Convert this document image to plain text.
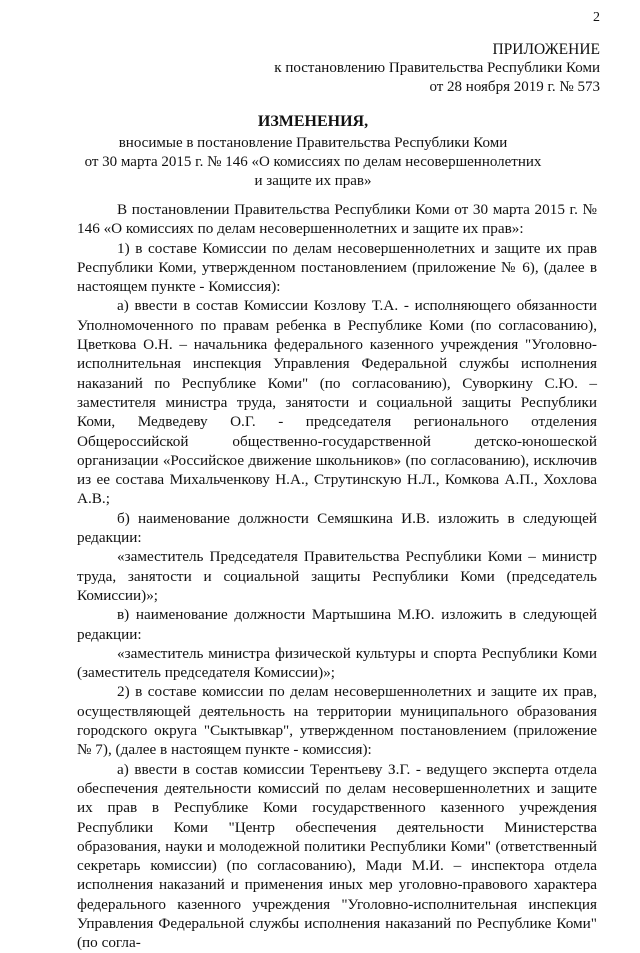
2
ПРИЛОЖЕНИЕ
к постановлению Правительства Республики Коми
от 28 ноября 2019 г. № 573
ИЗМЕНЕНИЯ,
вносимые в постановление Правительства Республики Коми
от 30 марта 2015 г. № 146 «О комиссиях по делам несовершеннолетних
и защите их прав»

В постановлении Правительства Республики Коми от 30 марта 2015 г. № 146 «О комиссиях по делам несовершеннолетних и защите их прав»:

1) в составе Комиссии по делам несовершеннолетних и защите их прав Республики Коми, утвержденном постановлением (приложение № 6), (далее в настоящем пункте - Комиссия):

а) ввести в состав Комиссии Козлову Т.А. - исполняющего обязанности Уполномоченного по правам ребенка в Республике Коми (по согласованию), Цветкова О.Н. – начальника федерального казенного учреждения "Уголовно-исполнительная инспекция Управления Федеральной службы исполнения наказаний по Республике Коми" (по согласованию), Суворкину С.Ю. – заместителя министра труда, занятости и социальной защиты Республики Коми, Медведеву О.Г. - председателя регионального отделения Общероссийской общественно-государственной детско-юношеской организации «Российское движение школьников» (по согласованию), исключив из ее состава Михальченкову Н.А., Струтинскую Н.Л., Комкова А.П., Хохлова А.В.;

б) наименование должности Семяшкина И.В. изложить в следующей редакции:

«заместитель Председателя Правительства Республики Коми – министр труда, занятости и социальной защиты Республики Коми (председатель Комиссии)»;

в) наименование должности Мартышина М.Ю. изложить в следующей редакции:

«заместитель министра физической культуры и спорта Республики Коми (заместитель председателя Комиссии)»;

2) в составе комиссии по делам несовершеннолетних и защите их прав, осуществляющей деятельность на территории муниципального образования городского округа "Сыктывкар", утвержденном постановлением (приложение № 7), (далее в настоящем пункте - комиссия):

а) ввести в состав комиссии Терентьеву З.Г. - ведущего эксперта отдела обеспечения деятельности комиссий по делам несовершеннолетних и защите их прав в Республике Коми государственного казенного учреждения Республики Коми "Центр обеспечения деятельности Министерства образования, науки и молодежной политики Республики Коми" (ответственный секретарь комиссии) (по согласованию), Мади М.И. – инспектора отдела исполнения наказаний и применения иных мер уголовно-правового характера федерального казенного учреждения "Уголовно-исполнительная инспекция Управления Федеральной службы исполнения наказаний по Республике Коми" (по согла-
